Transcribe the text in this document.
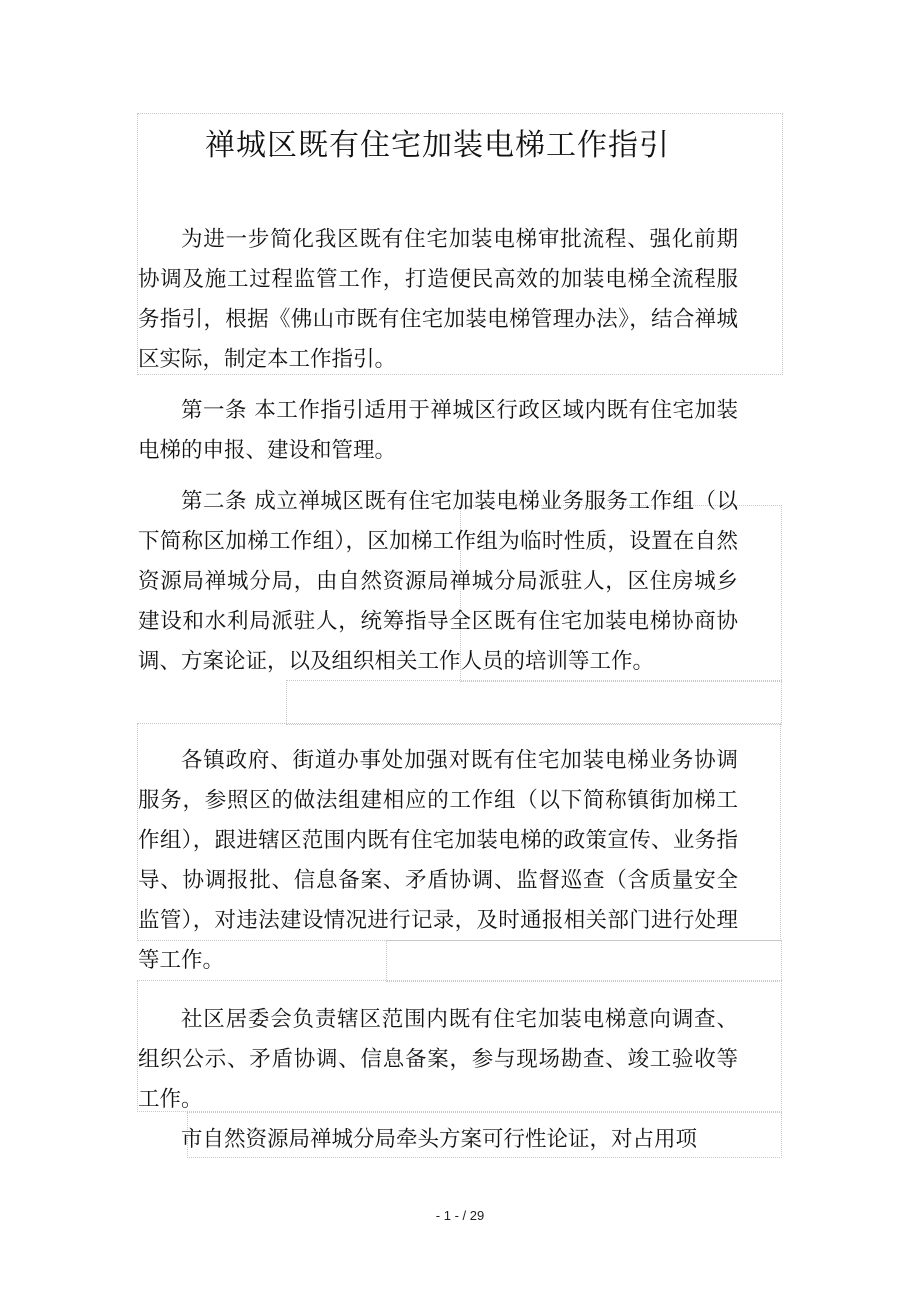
禅城区既有住宅加装电梯工作指引

为进一步简化我区既有住宅加装电梯审批流程、强化前期协调及施工过程监管工作，打造便民高效的加装电梯全流程服务指引，根据《佛山市既有住宅加装电梯管理办法》，结合禅城区实际，制定本工作指引。

第一条 本工作指引适用于禅城区行政区域内既有住宅加装电梯的申报、建设和管理。

第二条 成立禅城区既有住宅加装电梯业务服务工作组（以下简称区加梯工作组），区加梯工作组为临时性质，设置在自然资源局禅城分局，由自然资源局禅城分局派驻人，区住房城乡建设和水利局派驻人，统筹指导全区既有住宅加装电梯协商协调、方案论证，以及组织相关工作人员的培训等工作。

各镇政府、街道办事处加强对既有住宅加装电梯业务协调服务，参照区的做法组建相应的工作组（以下简称镇街加梯工作组），跟进辖区范围内既有住宅加装电梯的政策宣传、业务指导、协调报批、信息备案、矛盾协调、监督巡查（含质量安全监管），对违法建设情况进行记录，及时通报相关部门进行处理等工作。

社区居委会负责辖区范围内既有住宅加装电梯意向调查、组织公示、矛盾协调、信息备案，参与现场勘查、竣工验收等工作。

市自然资源局禅城分局牵头方案可行性论证，对占用项

- 1 - / 29
